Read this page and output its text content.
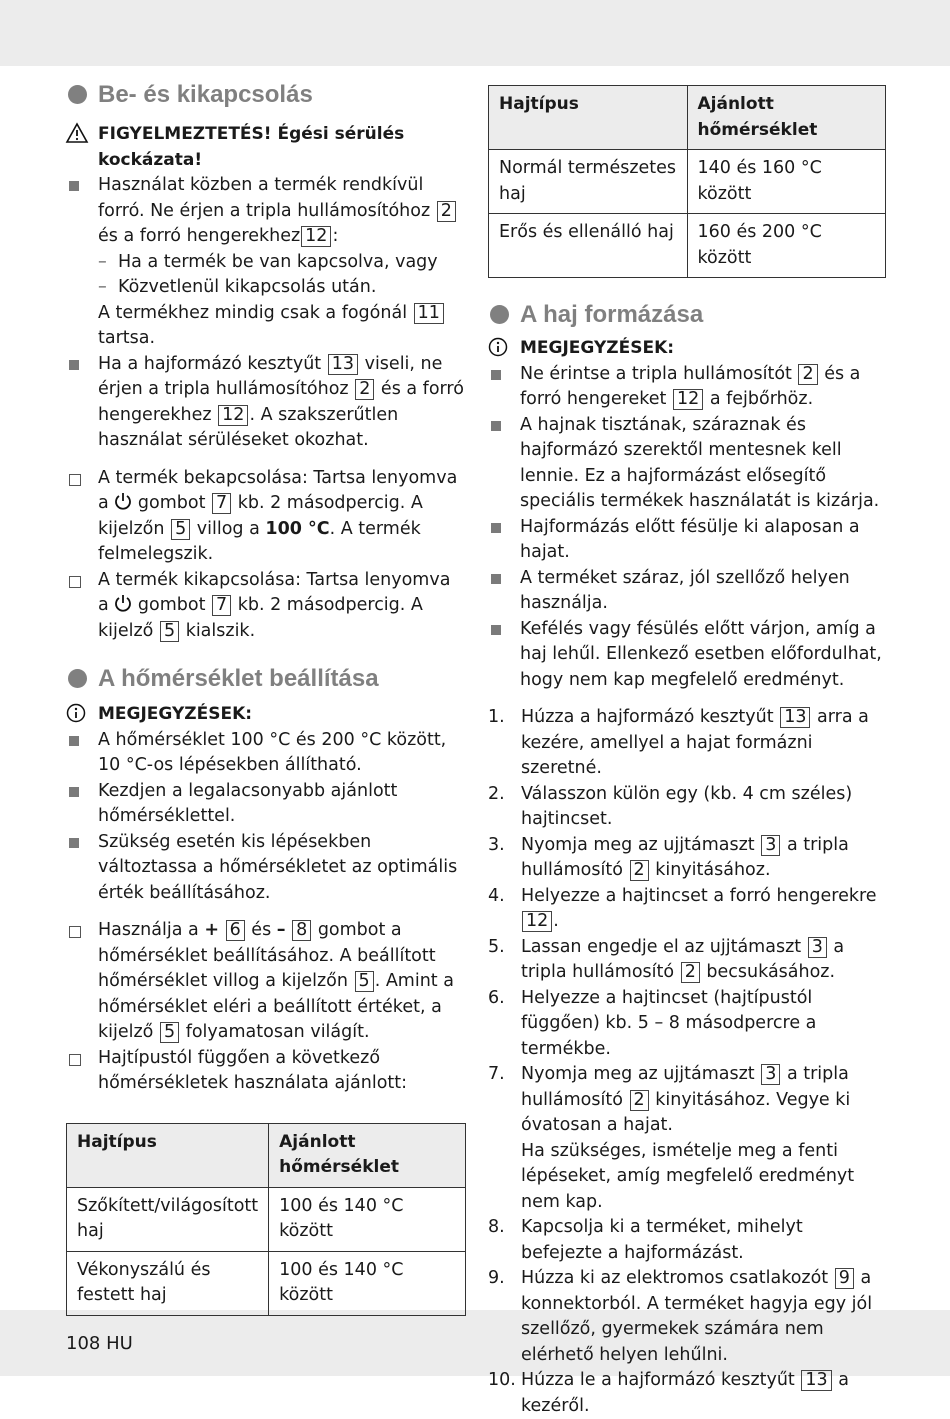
108 HU
Be- és kikapcsolás
FIGYELMEZTETÉS! Égési sérülés kockázata!
Használat közben a termék rendkívül forró. Ne érjen a tripla hullámosítóhoz 2 és a forró hengerekhez 12 :
– Ha a termék be van kapcsolva, vagy
– Közvetlenül kikapcsolás után.
A termékhez mindig csak a fogónál 11 tartsa.
Ha a hajformázó kesztyűt 13 viseli, ne érjen a tripla hullámosítóhoz 2 és a forró hengerekhez 12 . A szakszerűtlen használat sérüléseket okozhat.
A termék bekapcsolása: Tartsa lenyomva a gombot 7 kb. 2 másodpercig. A kijelzőn 5 villog a 100 °C. A termék felmelegszik.
A termék kikapcsolása: Tartsa lenyomva a gombot 7 kb. 2 másodpercig. A kijelző 5 kialszik.
A hőmérséklet beállítása
MEGJEGYZÉSEK:
A hőmérséklet 100 °C és 200 °C között, 10 °C-os lépésekben állítható.
Kezdjen a legalacsonyabb ajánlott hőmérséklettel.
Szükség esetén kis lépésekben változtassa a hőmérsékletet az optimális érték beállításához.
Használja a + 6 és – 8 gombot a hőmérséklet beállításához. A beállított hőmérséklet villog a kijelzőn 5 . Amint a hőmérséklet eléri a beállított értéket, a kijelző 5 folyamatosan világít.
Hajtípustól függően a következő hőmérsékletek használata ajánlott:
Hajtípus	Ajánlott hőmérséklet
Szőkített/világosított haj	100 és 140 °C között
Vékonyszálú és festett haj	100 és 140 °C között
Hajtípus	Ajánlott hőmérséklet
Normál természetes haj	140 és 160 °C között
Erős és ellenálló haj	160 és 200 °C között
A haj formázása
MEGJEGYZÉSEK:
Ne érintse a tripla hullámosítót 2 és a forró hengereket 12 a fejbőrhöz.
A hajnak tisztának, száraznak és hajformázó szerektől mentesnek kell lennie. Ez a hajformázást elősegítő speciális termékek használatát is kizárja.
Hajformázás előtt fésülje ki alaposan a hajat.
A terméket száraz, jól szellőző helyen használja.
Kefélés vagy fésülés előtt várjon, amíg a haj lehűl. Ellenkező esetben előfordulhat, hogy nem kap megfelelő eredményt.
1. Húzza a hajformázó kesztyűt 13 arra a kezére, amellyel a hajat formázni szeretné.
2. Válasszon külön egy (kb. 4 cm széles) hajtincset.
3. Nyomja meg az ujjtámaszt 3 a tripla hullámosító 2 kinyitásához.
4. Helyezze a hajtincset a forró hengerekre 12 .
5. Lassan engedje el az ujjtámaszt 3 a tripla hullámosító 2 becsukásához.
6. Helyezze a hajtincset (hajtípustól függően) kb. 5 – 8 másodpercre a termékbe.
7. Nyomja meg az ujjtámaszt 3 a tripla hullámosító 2 kinyitásához. Vegye ki óvatosan a hajat.
Ha szükséges, ismételje meg a fenti lépéseket, amíg megfelelő eredményt nem kap.
8. Kapcsolja ki a terméket, mihelyt befejezte a hajformázást.
9. Húzza ki az elektromos csatlakozót 9 a konnektorból. A terméket hagyja egy jól szellőző, gyermekek számára nem elérhető helyen lehűlni.
10. Húzza le a hajformázó kesztyűt 13 a kezéről.
